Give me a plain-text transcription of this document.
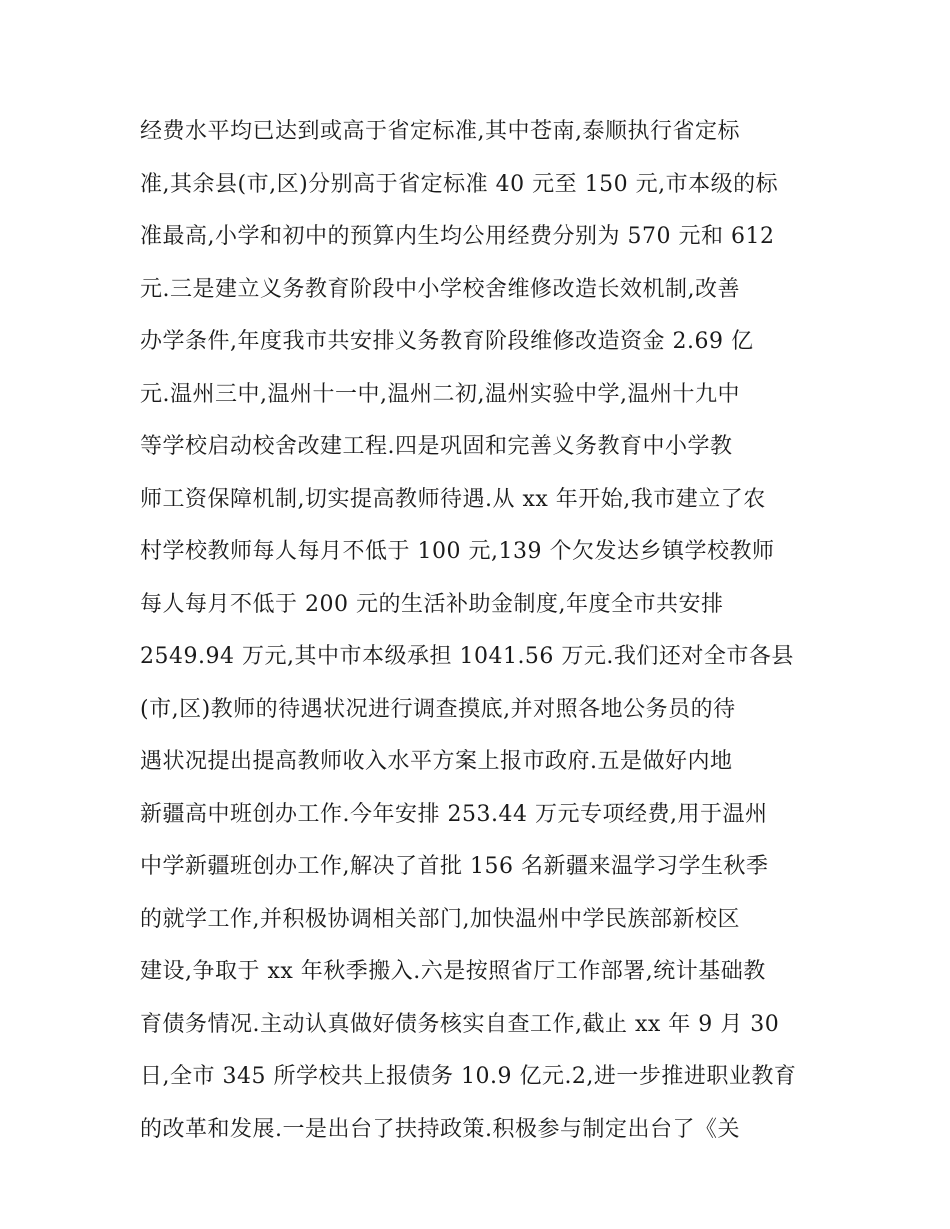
经费水平均已达到或高于省定标准,其中苍南,泰顺执行省定标
准,其余县(市,区)分别高于省定标准 40 元至 150 元,市本级的标
准最高,小学和初中的预算内生均公用经费分别为 570 元和 612
元.三是建立义务教育阶段中小学校舍维修改造长效机制,改善
办学条件,年度我市共安排义务教育阶段维修改造资金 2.69 亿
元.温州三中,温州十一中,温州二初,温州实验中学,温州十九中
等学校启动校舍改建工程.四是巩固和完善义务教育中小学教
师工资保障机制,切实提高教师待遇.从 xx 年开始,我市建立了农
村学校教师每人每月不低于 100 元,139 个欠发达乡镇学校教师
每人每月不低于 200 元的生活补助金制度,年度全市共安排
2549.94 万元,其中市本级承担 1041.56 万元.我们还对全市各县
(市,区)教师的待遇状况进行调查摸底,并对照各地公务员的待
遇状况提出提高教师收入水平方案上报市政府.五是做好内地
新疆高中班创办工作.今年安排 253.44 万元专项经费,用于温州
中学新疆班创办工作,解决了首批 156 名新疆来温学习学生秋季
的就学工作,并积极协调相关部门,加快温州中学民族部新校区
建设,争取于 xx 年秋季搬入.六是按照省厅工作部署,统计基础教
育债务情况.主动认真做好债务核实自查工作,截止 xx 年 9 月 30
日,全市 345 所学校共上报债务 10.9 亿元.2,进一步推进职业教育
的改革和发展.一是出台了扶持政策.积极参与制定出台了《关
